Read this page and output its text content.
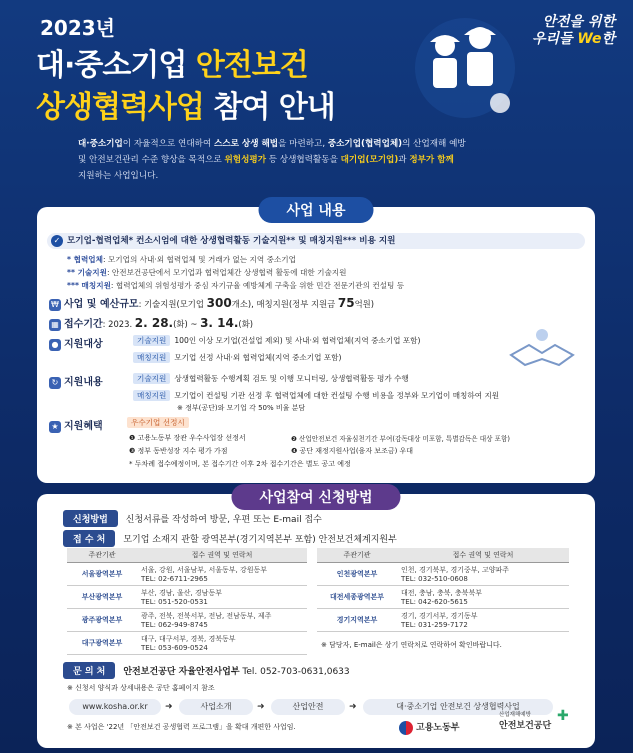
2023년
대·중소기업 안전보건
상생협력사업 참여 안내
안전을 위한
우리들 We한
대·중소기업이 자율적으로 연대하여 스스로 상생 해법을 마련하고, 중소기업(협력업체)의 산업재해 예방
및 안전보건관리 수준 향상을 목적으로 위험성평가 등 상생협력활동을 대기업(모기업)과 정부가 함께
지원하는 사업입니다.
사업 내용
✓ 모기업-협력업체* 컨소시엄에 대한 상생협력활동 기술지원** 및 매칭지원*** 비용 지원
* 협력업체: 모기업의 사내·외 협력업체 및 거래가 없는 지역 중소기업
** 기술지원: 안전보건공단에서 모기업과 협력업체간 상생협력 활동에 대한 기술지원
*** 매칭지원: 협력업체의 위험성평가 중심 자기규율 예방체계 구축을 위한 민간 전문기관의 컨설팅 등
₩ 사업 및 예산규모: 기술지원(모기업 300개소), 매칭지원(정부 지원금 75억원)
▦ 접수기간: 2023. 2. 28.(화) ~ 3. 14.(화)
● 지원대상	기술지원 100인 이상 모기업(건설업 제외) 및 사내·외 협력업체(지역 중소기업 포함)
매칭지원 모기업 선정 사내·외 협력업체(지역 중소기업 포함)
↻ 지원내용	기술지원 상생협력활동 수행계획 검토 및 이행 모니터링, 상생협력활동 평가 수행
매칭지원 모기업이 컨설팅 기관 선정 후 협력업체에 대한 컨설팅 수행 비용을 정부와 모기업이 매칭하여 지원
※ 정부(공단)와 모기업 각 50% 비율 분담
★ 지원혜택	우수기업 선정시
❶ 고용노동부 장관 우수사업장 선정서	❷ 산업안전보건 자율심천기간 부여(감독대상 미포함, 특별감독은 대상 포함)
❸ 정부 동반성장 지수 평가 가점	❹ 공단 재정지원사업(융자 보조금) 우대
* 두차례 접수예정이며, 본 접수기간 이후 2차 접수기간은 별도 공고 예정
사업참여 신청방법
신청방법 신청서류를 작성하여 방문, 우편 또는 E-mail 접수
접 수 처 모기업 소재지 관할 광역본부(경기지역본부 포함) 안전보건체계지원부
주관기관	접수 권역 및 연락처
서울광역본부	서울, 강원, 서울남부, 서울동부, 강원동부
TEL: 02-6711-2965

부산광역본부	부산, 경남, 울산, 경남동부
TEL: 051-520-0531

광주광역본부	광주, 전북, 전북서부, 전남, 전남동부, 제주
TEL: 062-949-8745

대구광역본부	대구, 대구서부, 경북, 경북동부
TEL: 053-609-0524
주관기관	접수 권역 및 연락처
인천광역본부	인천, 경기북부, 경기중부, 고양파주
TEL: 032-510-0608

대전세종광역본부	대전, 충남, 충북, 충북북부
TEL: 042-620-5615

경기지역본부	경기, 경기서부, 경기동부
TEL: 031-259-7172
※ 담당자, E-mail은 상기 연락처로 연락하여 확인바랍니다.
문 의 처 안전보건공단 자율안전사업부 Tel. 052-703-0631,0633
※ 신청서 양식과 상세내용은 공단 홈페이지 참조
www.kosha.or.kr	➜	사업소개	➜	산업안전	➜	대·중소기업 안전보건 상생협력사업
※ 본 사업은 '22년 「안전보건 공생협력 프로그램」을 확대 개편한 사업임.	고용노동부
산업재해예방
안전보건공단
✚
